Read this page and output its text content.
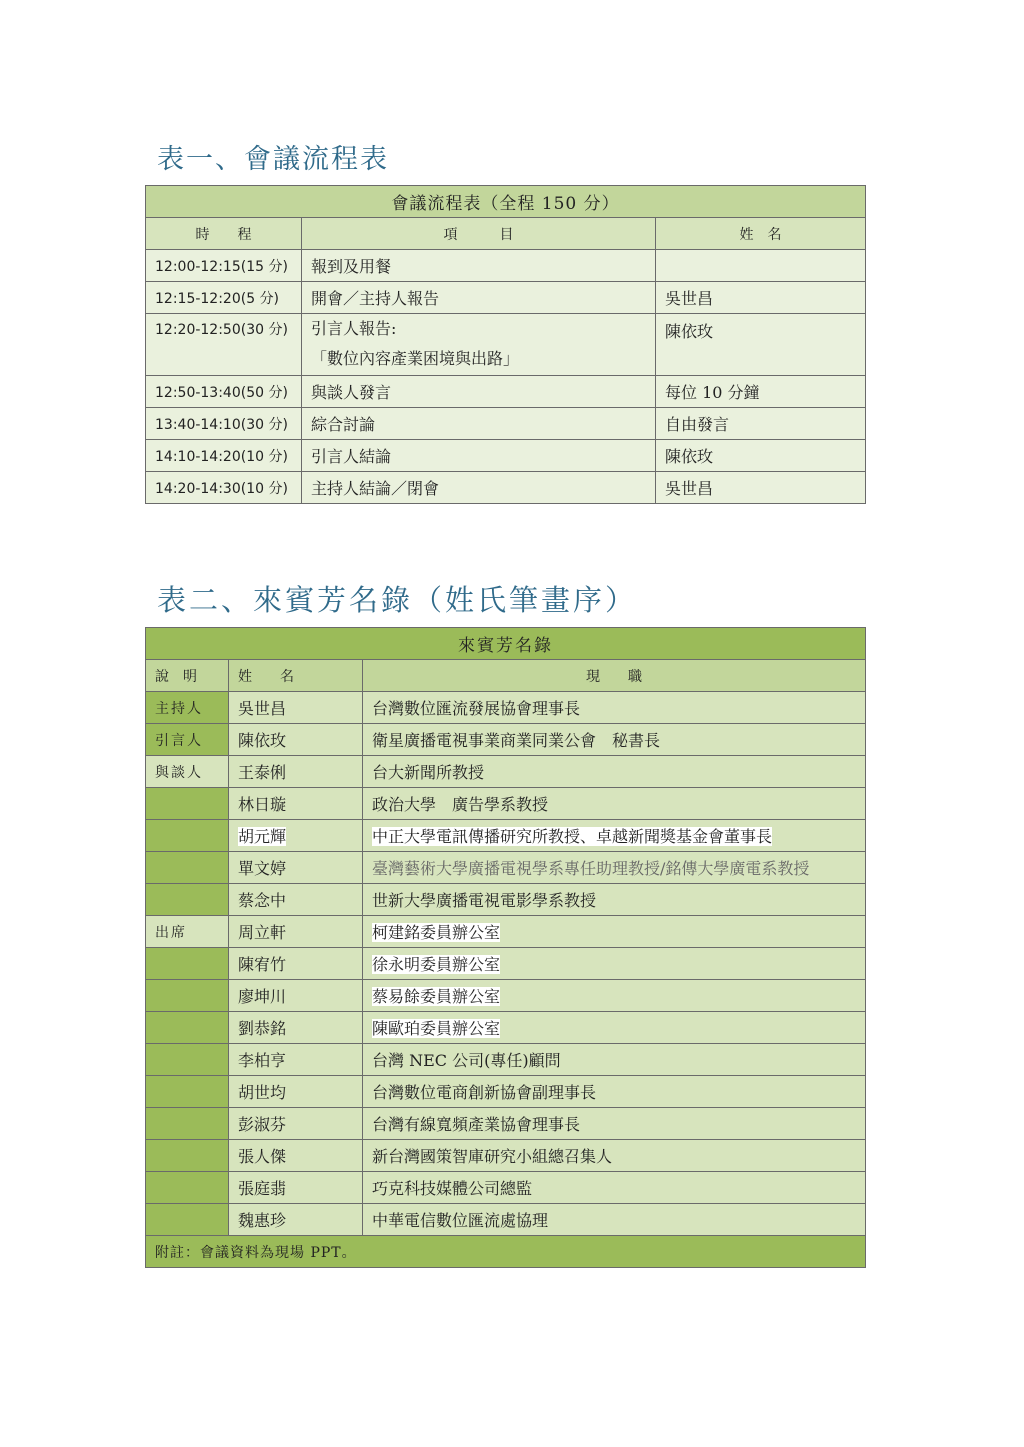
表一、會議流程表
會議流程表（全程 150 分）		
時　　程	項　　　目	姓　名
12:00-12:15(15 分)	報到及用餐	
12:15-12:20(5 分)	開會／主持人報告	吳世昌
12:20-12:50(30 分)	引言人報告:
「數位內容產業困境與出路」	陳依玫
12:50-13:40(50 分)	與談人發言	每位 10 分鐘
13:40-14:10(30 分)	綜合討論	自由發言
14:10-14:20(10 分)	引言人結論	陳依玫
14:20-14:30(10 分)	主持人結論／閉會	吳世昌
表二、來賓芳名錄（姓氏筆畫序）
來賓芳名錄		
說　明	姓　　名	現　　職
主持人	吳世昌	台灣數位匯流發展協會理事長
引言人	陳依玫	衛星廣播電視事業商業同業公會　秘書長
與談人	王泰俐	台大新聞所教授
	林日璇	政治大學　廣告學系教授
	胡元輝	中正大學電訊傳播研究所教授、卓越新聞獎基金會董事長
	單文婷	臺灣藝術大學廣播電視學系專任助理教授/銘傳大學廣電系教授
	蔡念中	世新大學廣播電視電影學系教授
出席	周立軒	柯建銘委員辦公室
	陳宥竹	徐永明委員辦公室
	廖坤川	蔡易餘委員辦公室
	劉恭銘	陳歐珀委員辦公室
	李柏亨	台灣 NEC 公司(專任)顧問
	胡世均	台灣數位電商創新協會副理事長
	彭淑芬	台灣有線寬頻產業協會理事長
	張人傑	新台灣國策智庫研究小組總召集人
	張庭翡	巧克科技媒體公司總監
	魏惠珍	中華電信數位匯流處協理
附註：會議資料為現場 PPT。		
